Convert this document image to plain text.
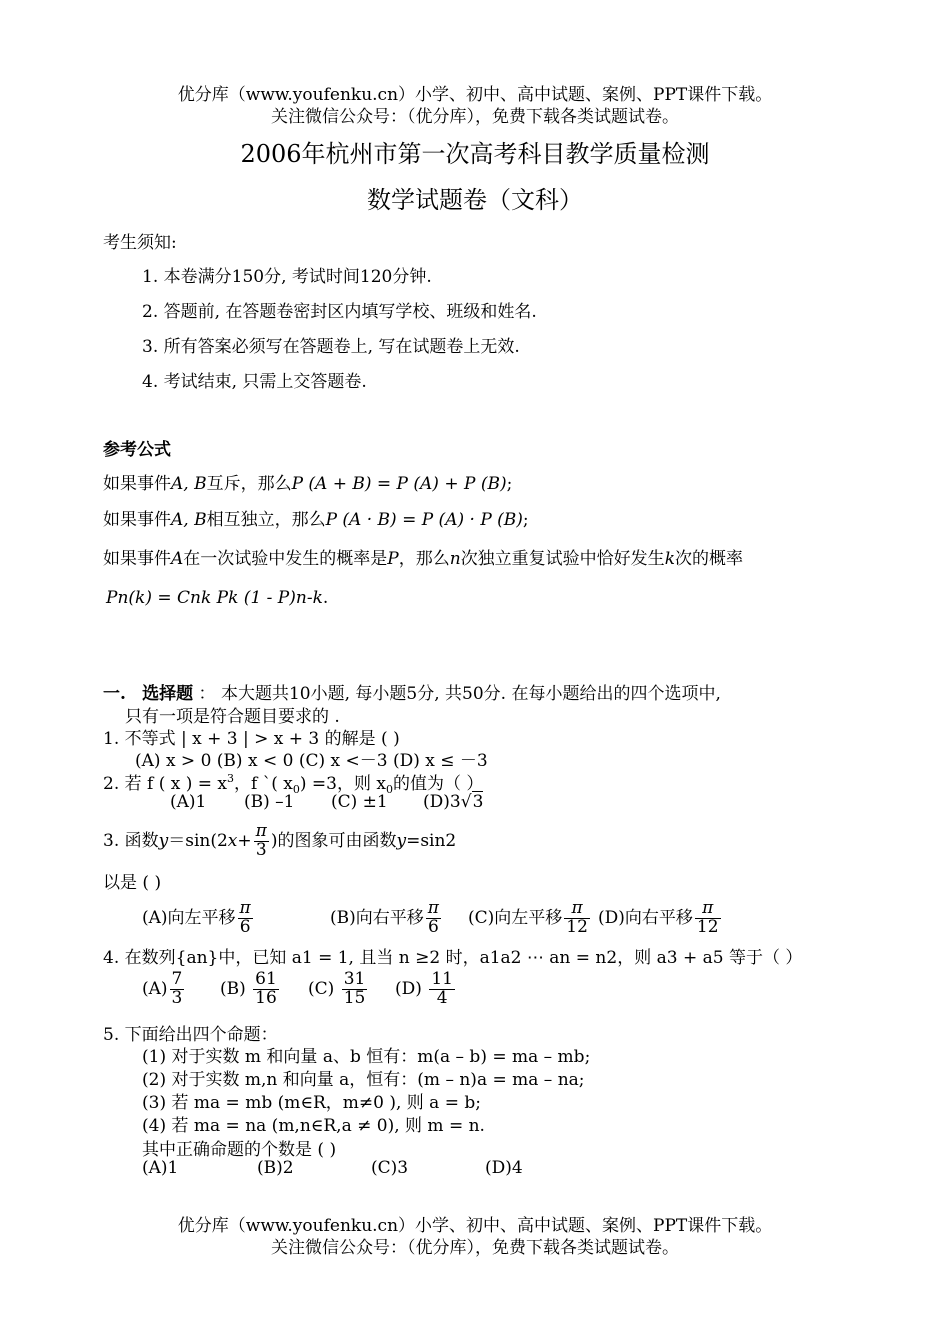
优分库（www.youfenku.cn）小学、初中、高中试题、案例、PPT课件下载。
关注微信公众号：（优分库），免费下载各类试题试卷。
2006年杭州市第一次高考科目教学质量检测
数学试题卷（文科）
考生须知:
1. 本卷满分150分, 考试时间120分钟.
2. 答题前, 在答题卷密封区内填写学校、班级和姓名.
3. 所有答案必须写在答题卷上, 写在试题卷上无效.
4. 考试结束, 只需上交答题卷.
参考公式
如果事件A, B互斥，那么P (A + B) = P (A) + P (B);
如果事件A, B相互独立，那么P (A · B) = P (A) · P (B);
如果事件A在一次试验中发生的概率是P，那么n次独立重复试验中恰好发生k次的概率
Pn(k) = Cnk Pk (1 - P)n-k.
一. 选择题 ： 本大题共10小题, 每小题5分, 共50分. 在每小题给出的四个选项中,
只有一项是符合题目要求的 .
1. 不等式 | x + 3 | > x + 3 的解是 ( )
(A) x > 0 (B) x < 0 (C) x <－3 (D) x ≤ －3
2. 若 f ( x ) = $x^3$，f `( $x_0) =3$，则 $x_0$的值为（ ）
(A)1 (B) –1 (C) ±1 (D)3√3
3. 函数$y=\sin(2x+ \frac{\pi}{3}$ )的图象可由函数y=sin2
以是 ( )
(A)向左平移 $\frac{\pi}{6}$	(B)向右平移 $\frac{\pi}{6} (C)$向左平移 $\frac{\pi}{12} (D)$向右平移 $\frac{\pi}{12}$
4. 在数列{an}中，已知 a1 = 1, 且当 n ≥2 时，a1a2 ⋯ an = n2，则 a3 + a5 等于（ ）
$(A) \frac{7}{3} (B) \frac{61}{16} (C) \frac{31}{15} (D) \frac{11}{4}$
5. 下面给出四个命题：
(1) 对于实数 m 和向量 a、b 恒有：m(a – b) = ma – mb;
(2) 对于实数 m,n 和向量 a，恒有：(m – n)a = ma – na;
(3) 若 ma = mb (m∈R，m≠0 ), 则 a = b;
(4) 若 ma = na (m,n∈R,a ≠ 0), 则 m = n.
其中正确命题的个数是 ( )
(A)1	(B)2	(C)3	(D)4
优分库（www.youfenku.cn）小学、初中、高中试题、案例、PPT课件下载。
关注微信公众号：（优分库），免费下载各类试题试卷。
